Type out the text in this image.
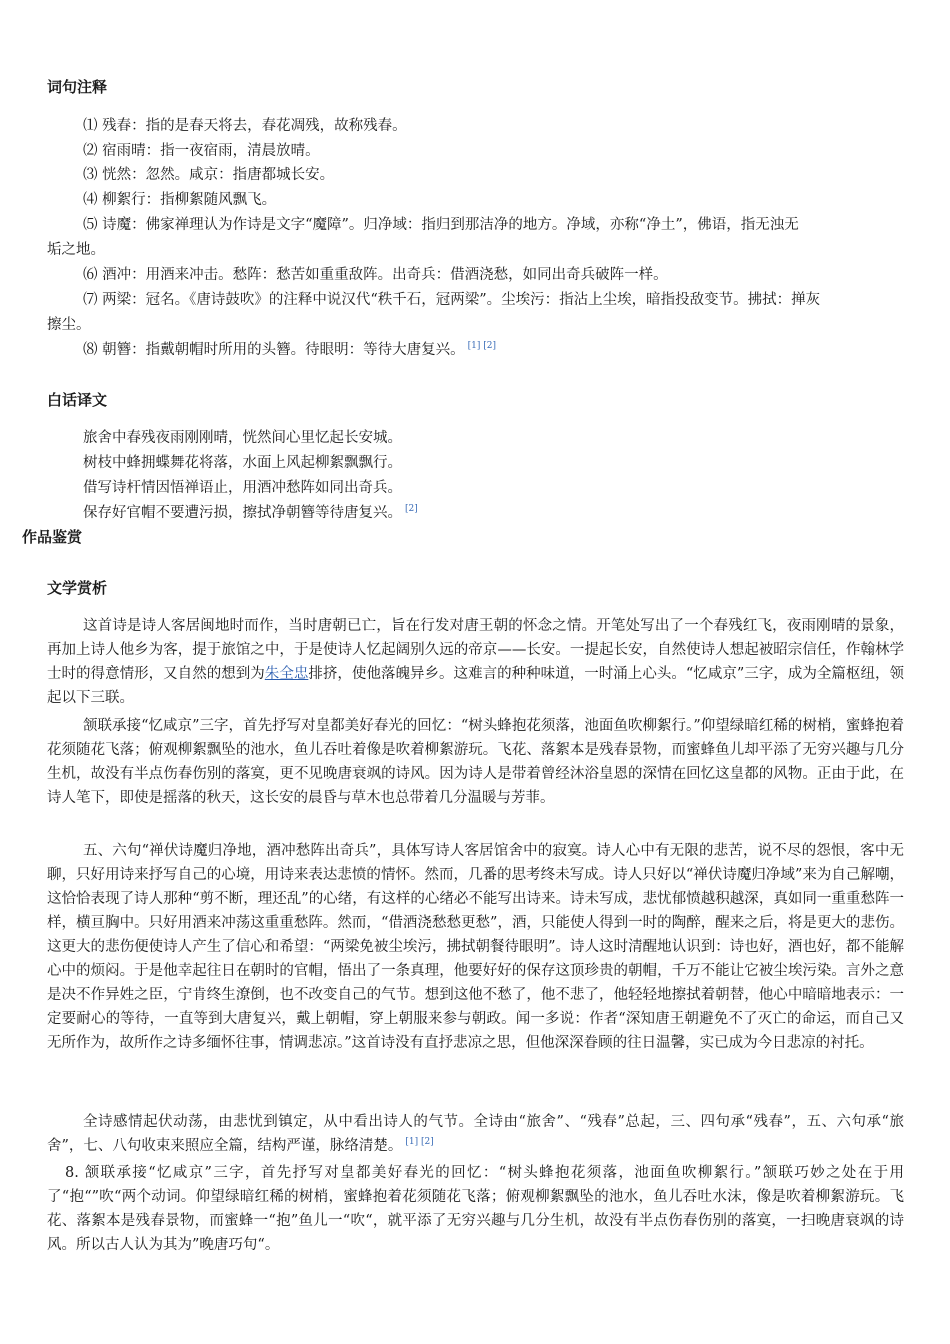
词句注释

⑴ 残春：指的是春天将去，春花凋残，故称残春。

⑵ 宿雨晴：指一夜宿雨，清晨放晴。

⑶ 恍然：忽然。咸京：指唐都城长安。

⑷ 柳絮行：指柳絮随风飘飞。

⑸ 诗魔：佛家禅理认为作诗是文字“魔障”。归净域：指归到那洁净的地方。净域，亦称“净土”，佛语，指无浊无

垢之地。

⑹ 酒冲：用酒来冲击。愁阵：愁苦如重重敌阵。出奇兵：借酒浇愁，如同出奇兵破阵一样。

⑺ 两梁：冠名。《唐诗鼓吹》的注释中说汉代“秩千石，冠两梁”。尘埃污：指沾上尘埃，暗指投敌变节。拂拭：掸灰

擦尘。

⑻ 朝簪：指戴朝帽时所用的头簪。待眼明：等待大唐复兴。 [1] [2]

白话译文

旅舍中春残夜雨刚刚晴，恍然间心里忆起长安城。

树枝中蜂拥蝶舞花将落，水面上风起柳絮飘飘行。

借写诗杆情因悟禅语止，用酒冲愁阵如同出奇兵。

保存好官帽不要遭污损，擦拭净朝簪等待唐复兴。 [2]

作品鉴赏
文学赏析

这首诗是诗人客居闽地时而作，当时唐朝已亡，旨在行发对唐王朝的怀念之情。开笔处写出了一个春残红飞，夜雨刚晴的景象，再加上诗人他乡为客，提于旅馆之中，于是使诗人忆起阔别久远的帝京——长安。一提起长安，自然使诗人想起被昭宗信任，作翰林学士时的得意情形，又自然的想到为朱全忠排挤，使他落魄异乡。这难言的种种味道，一时涌上心头。“忆咸京”三字，成为全篇枢纽，领起以下三联。

颔联承接“忆咸京”三字，首先抒写对皇都美好春光的回忆：“树头蜂抱花须落，池面鱼吹柳絮行。”仰望绿暗红稀的树梢，蜜蜂抱着花须随花飞落；俯观柳絮飘坠的池水，鱼儿吞吐着像是吹着柳絮游玩。飞花、落絮本是残春景物，而蜜蜂鱼儿却平添了无穷兴趣与几分生机，故没有半点伤春伤别的落寞，更不见晚唐衰飒的诗风。因为诗人是带着曾经沐浴皇恩的深情在回忆这皇都的风物。正由于此，在诗人笔下，即使是摇落的秋天，这长安的晨昏与草木也总带着几分温暖与芳菲。

五、六句“禅伏诗魔归净地，酒冲愁阵出奇兵”，具体写诗人客居馆舍中的寂寞。诗人心中有无限的悲苦，说不尽的怨恨，客中无聊，只好用诗来抒写自己的心境，用诗来表达悲愤的情怀。然而，几番的思考终未写成。诗人只好以“禅伏诗魔归净域”来为自己解嘲，这恰恰表现了诗人那种“剪不断，理还乱”的心绪，有这样的心绪必不能写出诗来。诗未写成，悲忧郁愤越积越深，真如同一重重愁阵一样，横亘胸中。只好用酒来冲荡这重重愁阵。然而，“借酒浇愁愁更愁”，酒，只能使人得到一时的陶醉，醒来之后，将是更大的悲伤。这更大的悲伤便使诗人产生了信心和希望：“两梁免被尘埃污，拂拭朝餐待眼明”。诗人这时清醒地认识到：诗也好，酒也好，都不能解心中的烦闷。于是他幸起往日在朝时的官帽，悟出了一条真理，他要好好的保存这顶珍贵的朝帽，千万不能让它被尘埃污染。言外之意是决不作异姓之臣，宁肯终生潦倒，也不改变自己的气节。想到这他不愁了，他不悲了，他轻轻地擦拭着朝替，他心中暗暗地表示：一定要耐心的等待，一直等到大唐复兴，戴上朝帽，穿上朝服来参与朝政。闻一多说：作者“深知唐王朝避免不了灭亡的命运，而自己又无所作为，故所作之诗多缅怀往事，情调悲凉。”这首诗没有直抒悲凉之思，但他深深眷顾的往日温馨，实已成为今日悲凉的衬托。

全诗感情起伏动荡，由悲忧到镇定，从中看出诗人的气节。全诗由“旅舍”、“残春”总起，三、四句承“残春”，五、六句承“旅舍”，七、八句收束来照应全篇，结构严谨，脉络清楚。 [1] [2]

8. 颔联承接“忆咸京”三字，首先抒写对皇都美好春光的回忆：“树头蜂抱花须落，池面鱼吹柳絮行。”颔联巧妙之处在于用了“抱“”吹“两个动词。仰望绿暗红稀的树梢，蜜蜂抱着花须随花飞落；俯观柳絮飘坠的池水，鱼儿吞吐水沫，像是吹着柳絮游玩。飞花、落絮本是残春景物，而蜜蜂一“抱”鱼儿一“吹“，就平添了无穷兴趣与几分生机，故没有半点伤春伤别的落寞，一扫晚唐衰飒的诗风。所以古人认为其为”晚唐巧句“。
